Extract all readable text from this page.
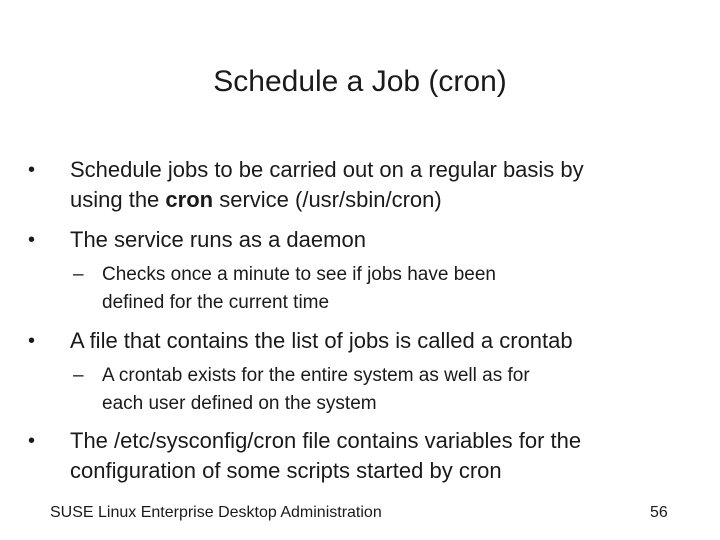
Schedule a Job (cron)
• Schedule jobs to be carried out on a regular basis by
using the cron service (/usr/sbin/cron)
• The service runs as a daemon
– Checks once a minute to see if jobs have been
defined for the current time
• A file that contains the list of jobs is called a crontab
– A crontab exists for the entire system as well as for
each user defined on the system
• The /etc/sysconfig/cron file contains variables for the
configuration of some scripts started by cron
SUSE Linux Enterprise Desktop Administration	56
